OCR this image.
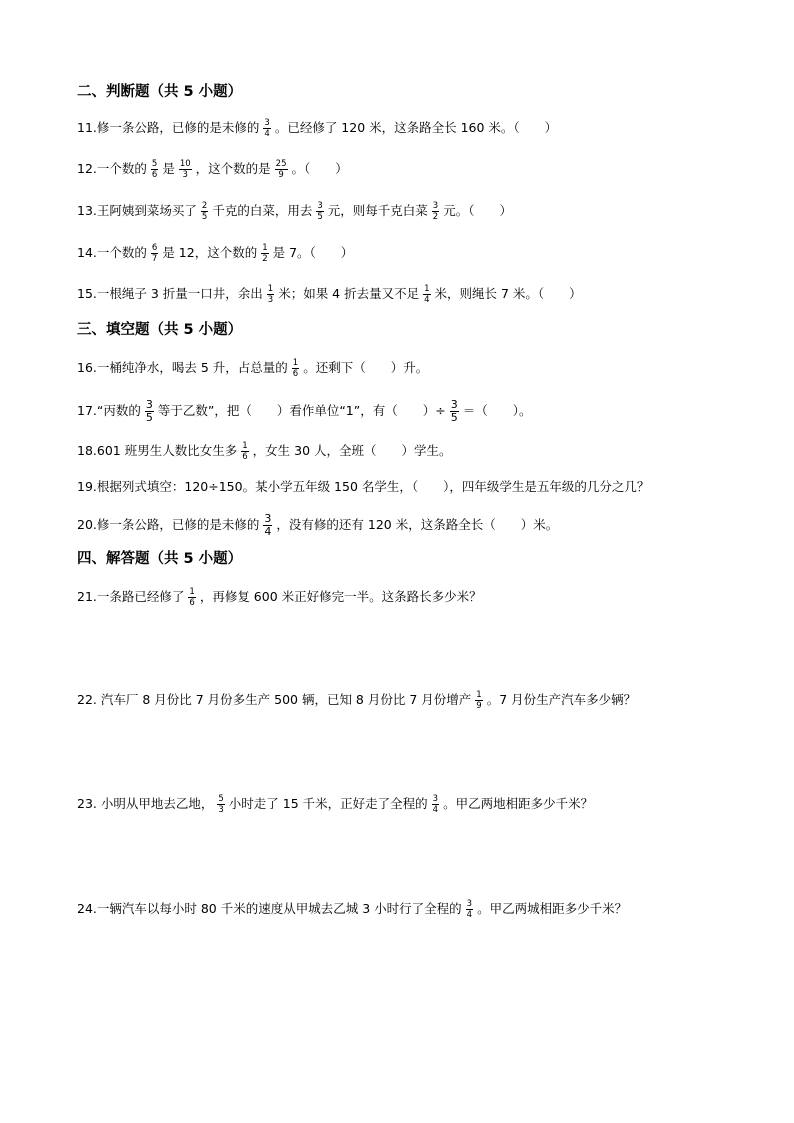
二、判断题（共 5 小题）
11.修一条公路，已修的是未修的 $\frac{3}{4}$ 。已经修了 120 米，这条路全长 160 米。（　　）
12.一个数的 $\frac{5}{6}$ 是 $\frac{10}{3}$ ，这个数的是 $\frac{25}{9}$ 。（　　）
13.王阿姨到菜场买了 $\frac{2}{5}$ 千克的白菜，用去 $\frac{3}{5}$ 元，则每千克白菜 $\frac{3}{2}$ 元。（　　）
14.一个数的 $\frac{6}{7}$ 是 12，这个数的 $\frac{1}{2}$ 是 7。（　　）
15.一根绳子 3 折量一口井，余出 $\frac{1}{3}$ 米；如果 4 折去量又不足 $\frac{1}{4}$ 米，则绳长 7 米。（　　）
三、填空题（共 5 小题）
16.一桶纯净水，喝去 5 升，占总量的 $\frac{1}{6}$ 。还剩下（　　）升。
17.“丙数的 $\frac{3}{5}$ 等于乙数”，把（　　）看作单位“1”，有（　　）÷ $\frac{3}{5}$ ＝（　　）。
18.601 班男生人数比女生多 $\frac{1}{6}$ ，女生 30 人，全班（　　）学生。
19.根据列式填空：120÷150。某小学五年级 150 名学生，（　　），四年级学生是五年级的几分之几？
20.修一条公路，已修的是未修的 $\frac{3}{4}$ ，没有修的还有 120 米，这条路全长（　　）米。
四、解答题（共 5 小题）
21.一条路已经修了 $\frac{1}{6}$ ，再修复 600 米正好修完一半。这条路长多少米？
22. 汽车厂 8 月份比 7 月份多生产 500 辆，已知 8 月份比 7 月份增产 $\frac{1}{9}$ 。7 月份生产汽车多少辆？
23. 小明从甲地去乙地， $\frac{5}{3}$ 小时走了 15 千米，正好走了全程的 $\frac{3}{4}$ 。甲乙两地相距多少千米？
24.一辆汽车以每小时 80 千米的速度从甲城去乙城 3 小时行了全程的 $\frac{3}{4}$ 。甲乙两城相距多少千米？
